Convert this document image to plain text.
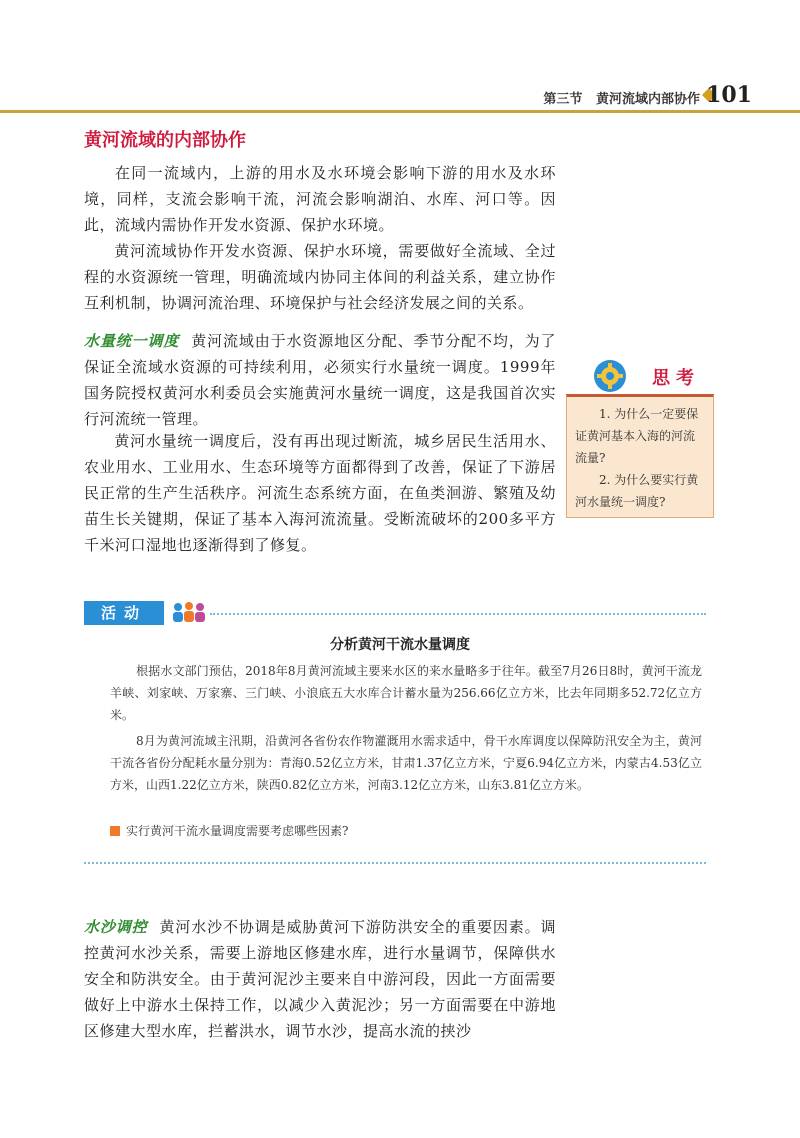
第三节 黄河流域内部协作 101
黄河流域的内部协作

在同一流域内，上游的用水及水环境会影响下游的用水及水环境，同样，支流会影响干流，河流会影响湖泊、水库、河口等。因此，流域内需协作开发水资源、保护水环境。

黄河流域协作开发水资源、保护水环境，需要做好全流域、全过程的水资源统一管理，明确流域内协同主体间的利益关系，建立协作互利机制，协调河流治理、环境保护与社会经济发展之间的关系。

水量统一调度 黄河流域由于水资源地区分配、季节分配不均，为了保证全流域水资源的可持续利用，必须实行水量统一调度。1999年国务院授权黄河水利委员会实施黄河水量统一调度，这是我国首次实行河流统一管理。

黄河水量统一调度后，没有再出现过断流，城乡居民生活用水、农业用水、工业用水、生态环境等方面都得到了改善，保证了下游居民正常的生产生活秩序。河流生态系统方面，在鱼类洄游、繁殖及幼苗生长关键期，保证了基本入海河流流量。受断流破坏的200多平方千米河口湿地也逐渐得到了修复。

思考

1. 为什么一定要保证黄河基本入海的河流流量?

2. 为什么要实行黄河水量统一调度?

活动
分析黄河干流水量调度

根据水文部门预估，2018年8月黄河流域主要来水区的来水量略多于往年。截至7月26日8时，黄河干流龙羊峡、刘家峡、万家寨、三门峡、小浪底五大水库合计蓄水量为256.66亿立方米，比去年同期多52.72亿立方米。

8月为黄河流域主汛期，沿黄河各省份农作物灌溉用水需求适中，骨干水库调度以保障防汛安全为主，黄河干流各省份分配耗水量分别为：青海0.52亿立方米，甘肃1.37亿立方米，宁夏6.94亿立方米，内蒙古4.53亿立方米，山西1.22亿立方米，陕西0.82亿立方米，河南3.12亿立方米，山东3.81亿立方米。

实行黄河干流水量调度需要考虑哪些因素?

水沙调控 黄河水沙不协调是威胁黄河下游防洪安全的重要因素。调控黄河水沙关系，需要上游地区修建水库，进行水量调节，保障供水安全和防洪安全。由于黄河泥沙主要来自中游河段，因此一方面需要做好上中游水土保持工作，以减少入黄泥沙；另一方面需要在中游地区修建大型水库，拦蓄洪水，调节水沙，提高水流的挟沙
